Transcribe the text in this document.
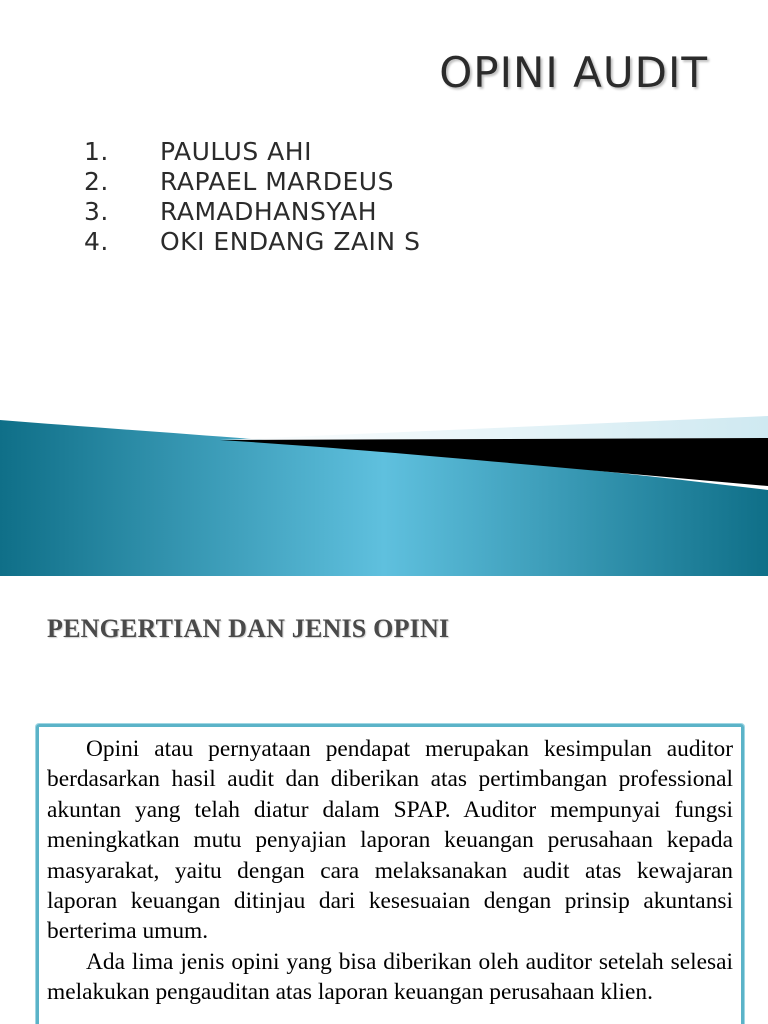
OPINI AUDIT
1.	PAULUS AHI
2.	RAPAEL MARDEUS
3.	RAMADHANSYAH
4.	OKI ENDANG ZAIN S
PENGERTIAN DAN JENIS OPINI

Opini atau pernyataan pendapat merupakan kesimpulan auditor berdasarkan hasil audit dan diberikan atas pertimbangan professional akuntan yang telah diatur dalam SPAP. Auditor mempunyai fungsi meningkatkan mutu penyajian laporan keuangan perusahaan kepada masyarakat, yaitu dengan cara melaksanakan audit atas kewajaran laporan keuangan ditinjau dari kesesuaian dengan prinsip akuntansi berterima umum.

Ada lima jenis opini yang bisa diberikan oleh auditor setelah selesai melakukan pengauditan atas laporan keuangan perusahaan klien.
